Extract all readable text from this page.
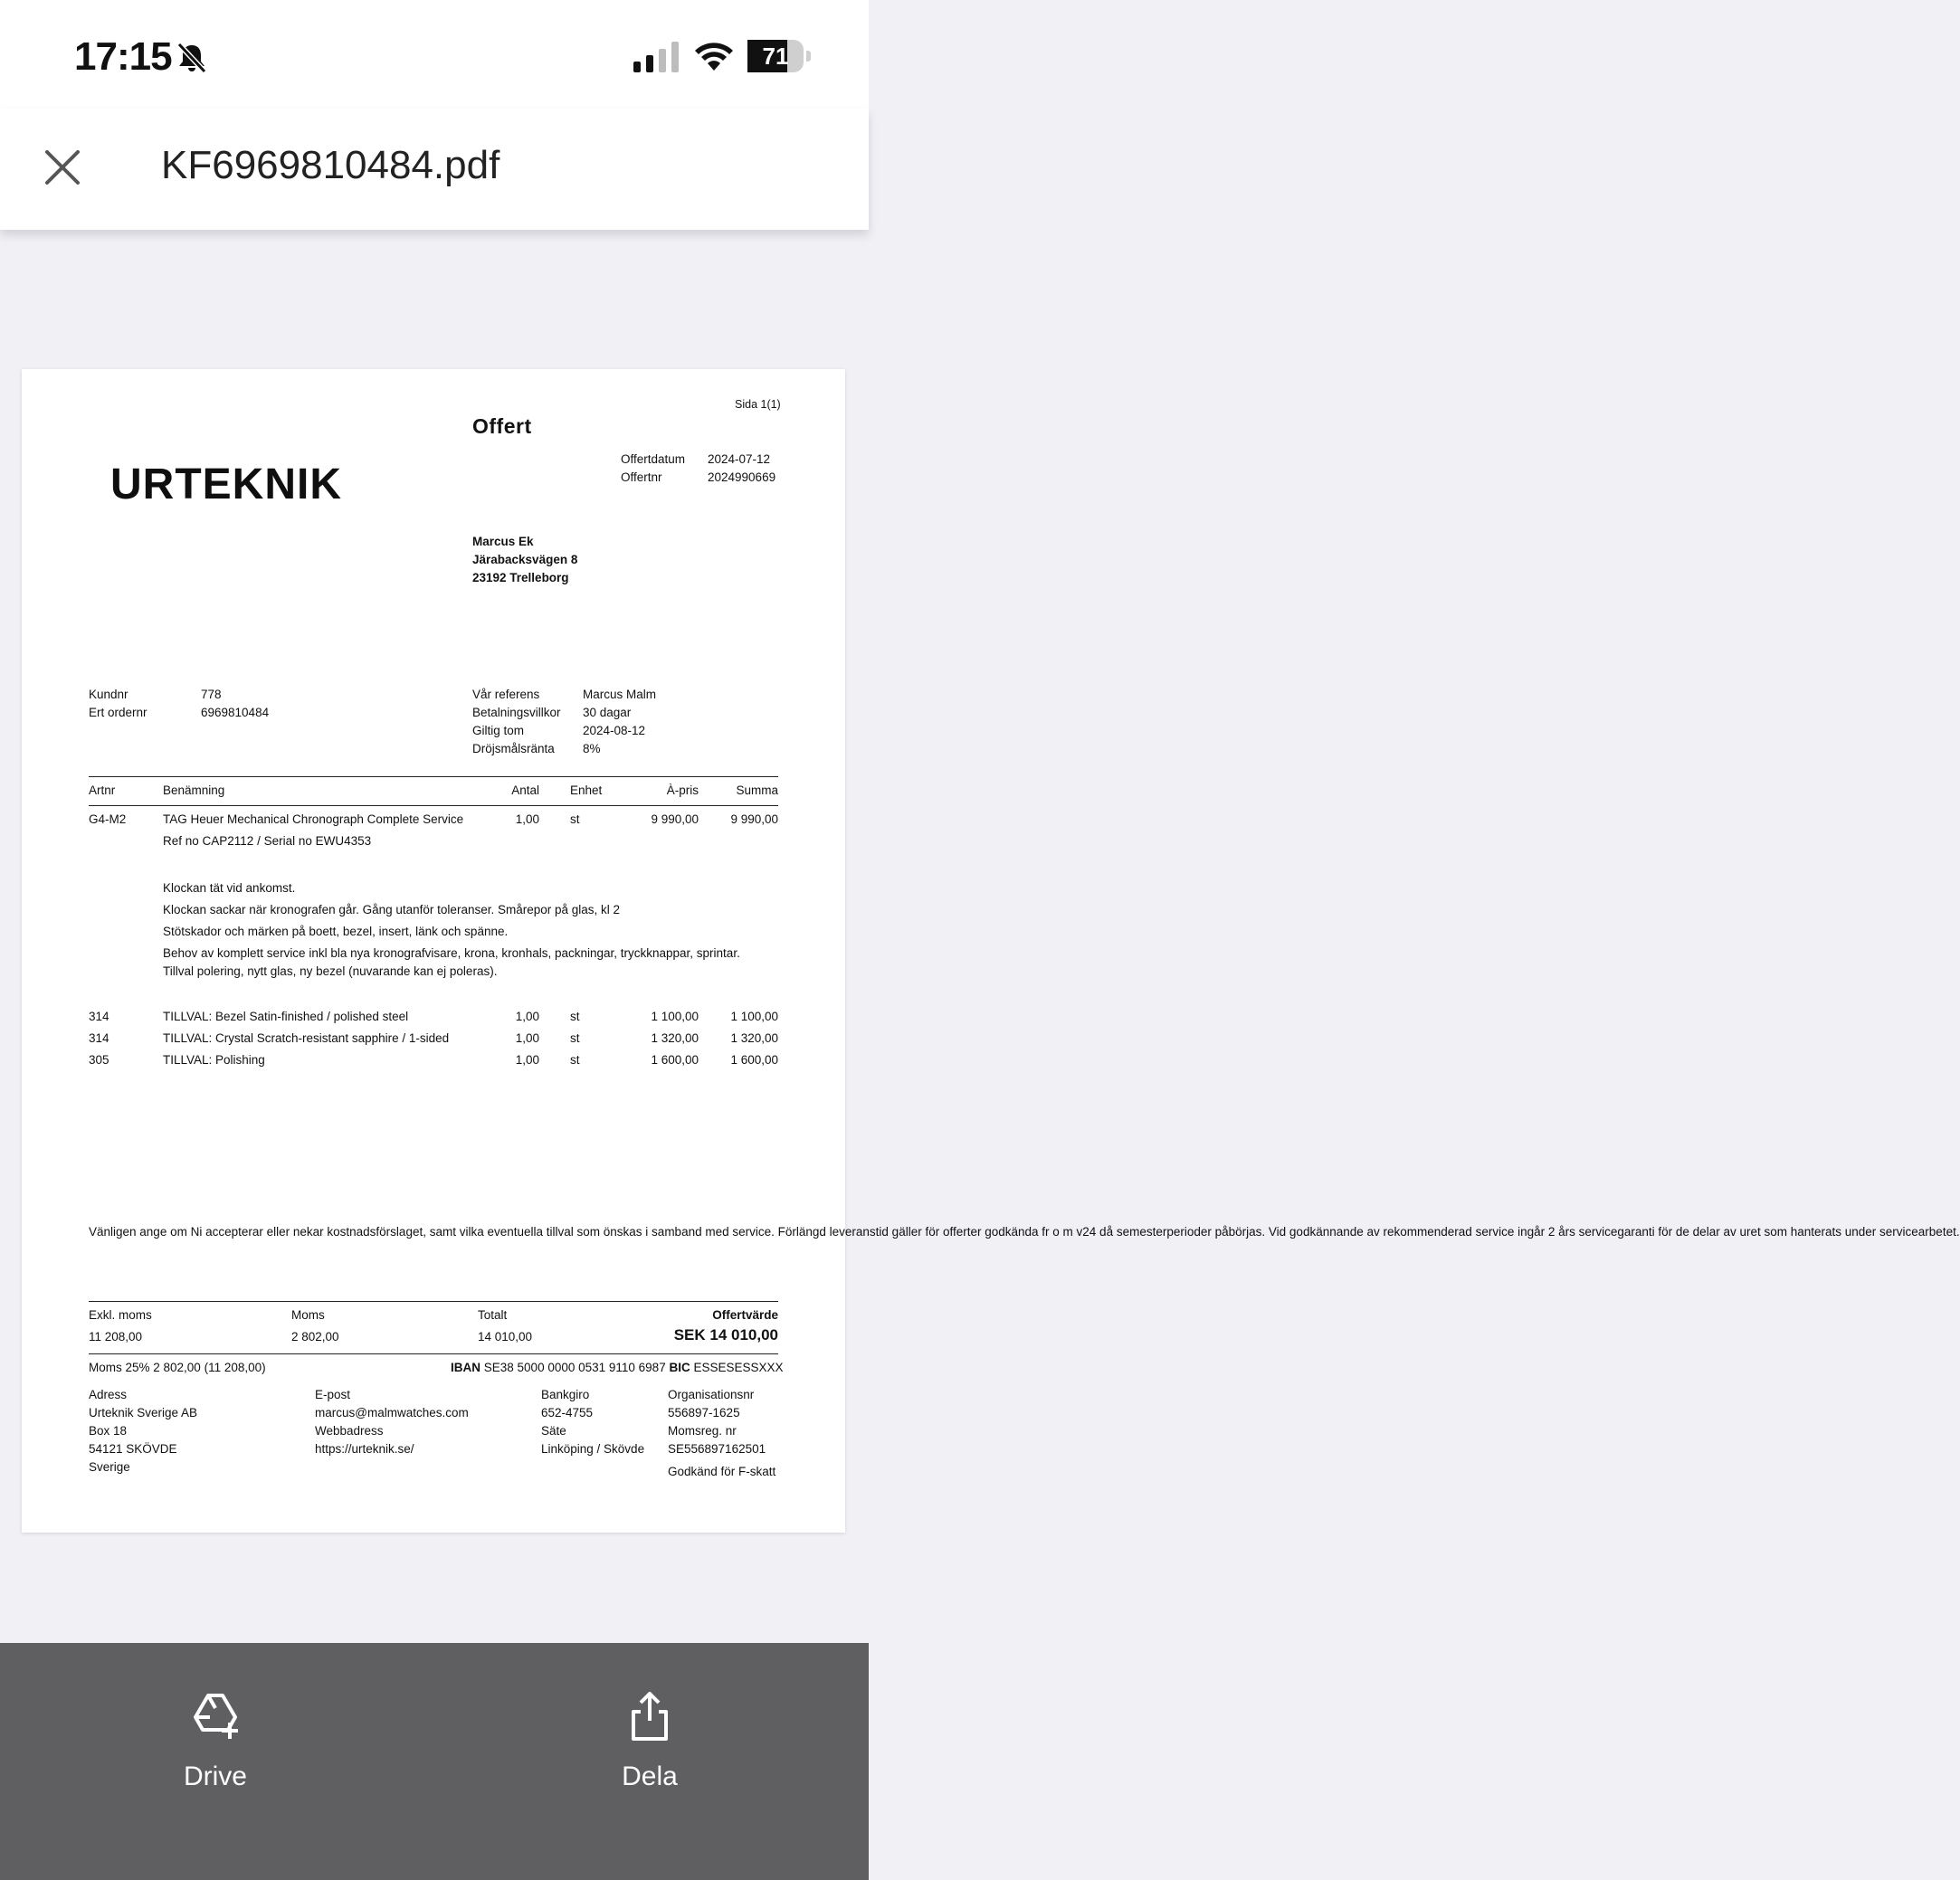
17:15	71
KF6969810484.pdf
Sida 1(1)
Offert
Offertdatum 2024-07-12
Offertnr	2024990669
URTEKNIK
Marcus Ek
Järabacksvägen 8
23192 Trelleborg
Kundnr	778
Ert ordernr	6969810484
Vår referens	Marcus Malm
Betalningsvillkor 30 dagar
Giltig tom	2024-08-12
Dröjsmålsränta 8%
Artnr	Benämning	Antal	Enhet	À-pris	Summa
G4-M2	TAG Heuer Mechanical Chronograph Complete Service	1,00	st	9 990,00	9 990,00
Ref no CAP2112 / Serial no EWU4353
Klockan tät vid ankomst.
Klockan sackar när kronografen går. Gång utanför toleranser. Smårepor på glas, kl 2
Stötskador och märken på boett, bezel, insert, länk och spänne.
Behov av komplett service inkl bla nya kronografvisare, krona, kronhals, packningar, tryckknappar, sprintar.
Tillval polering, nytt glas, ny bezel (nuvarande kan ej poleras).
314	TILLVAL: Bezel Satin-finished / polished steel	1,00	st	1 100,00	1 100,00
314	TILLVAL: Crystal Scratch-resistant sapphire / 1-sided	1,00	st	1 320,00	1 320,00
305	TILLVAL: Polishing	1,00	st	1 600,00	1 600,00
Vänligen ange om Ni accepterar eller nekar kostnadsförslaget, samt vilka eventuella tillval som önskas i samband med service. Förlängd leveranstid gäller för offerter godkända fr o m v24 då semesterperioder påbörjas. Vid godkännande av rekommenderad service ingår 2 års servicegaranti för de delar av uret som hanterats under servicearbetet.
Exkl. moms	Moms	Totalt	Offertvärde
11 208,00	2 802,00	14 010,00	SEK 14 010,00
Moms 25% 2 802,00 (11 208,00)	IBAN SE38 5000 0000 0531 9110 6987 BIC ESSESESSXXX
Adress
Urteknik Sverige AB
Box 18
54121 SKÖVDE
Sverige
E-post
marcus@malmwatches.com
Webbadress
https://urteknik.se/
Bankgiro
652-4755
Säte
Linköping / Skövde
Organisationsnr
556897-1625
Momsreg. nr
SE556897162501
Godkänd för F-skatt
Drive	Dela
